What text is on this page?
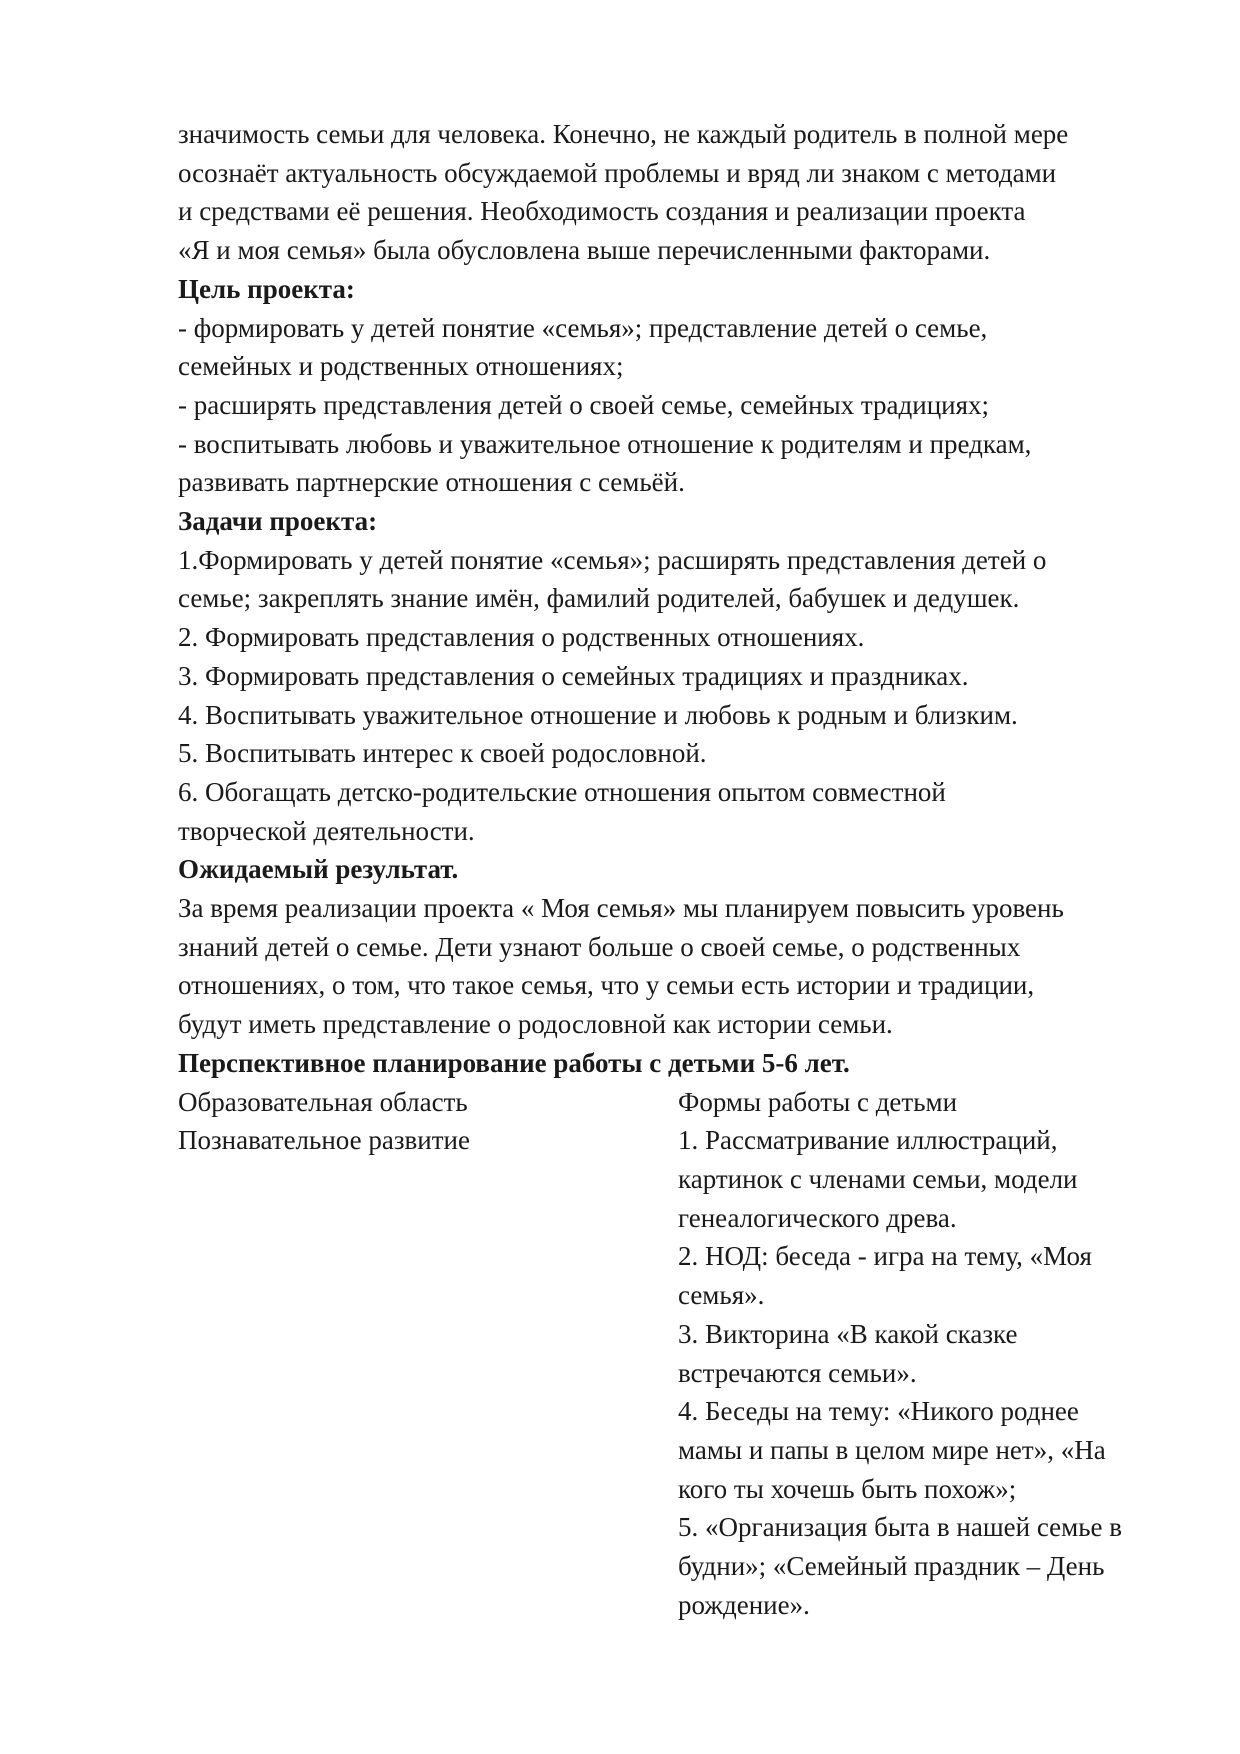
значимость семьи для человека. Конечно, не каждый родитель в полной мере
осознаёт актуальность обсуждаемой проблемы и вряд ли знаком с методами
и средствами её решения. Необходимость создания и реализации проекта
«Я и моя семья» была обусловлена выше перечисленными факторами.
Цель проекта:
- формировать у детей понятие «семья»; представление детей о семье,
семейных и родственных отношениях;
- расширять представления детей о своей семье, семейных традициях;
- воспитывать любовь и уважительное отношение к родителям и предкам,
развивать партнерские отношения с семьёй.
Задачи проекта:
1.Формировать у детей понятие «семья»; расширять представления детей о
семье; закреплять знание имён, фамилий родителей, бабушек и дедушек.
2. Формировать представления о родственных отношениях.
3. Формировать представления о семейных традициях и праздниках.
4. Воспитывать уважительное отношение и любовь к родным и близким.
5. Воспитывать интерес к своей родословной.
6. Обогащать детско-родительские отношения опытом совместной
творческой деятельности.
Ожидаемый результат.
За время реализации проекта « Моя семья» мы планируем повысить уровень
знаний детей о семье. Дети узнают больше о своей семье, о родственных
отношениях, о том, что такое семья, что у семьи есть истории и традиции,
будут иметь представление о родословной как истории семьи.
Перспективное планирование работы с детьми 5-6 лет.
Образовательная область
Познавательное развитие
Формы работы с детьми
1. Рассматривание иллюстраций,
картинок с членами семьи, модели
генеалогического древа.
2. НОД: беседа - игра на тему, «Моя
семья».
3. Викторина «В какой сказке
встречаются семьи».
4. Беседы на тему: «Никого роднее
мамы и папы в целом мире нет», «На
кого ты хочешь быть похож»;
5. «Организация быта в нашей семье в
будни»; «Семейный праздник – День
рождение».
